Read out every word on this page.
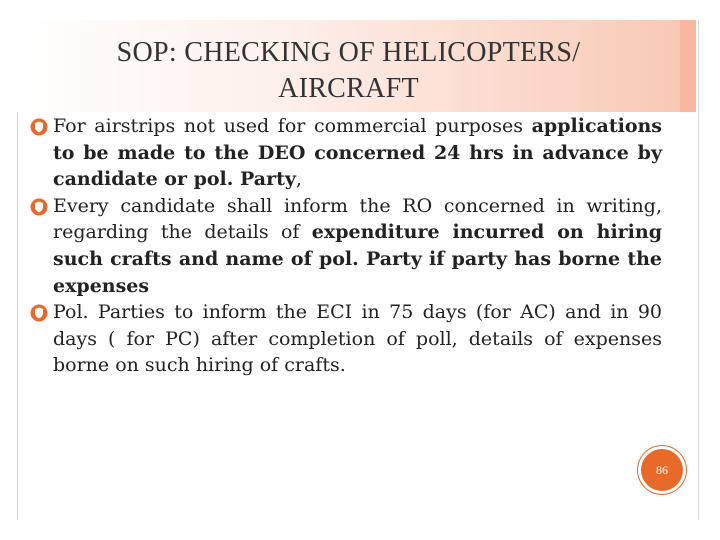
SOP: CHECKING OF HELICOPTERS/
AIRCRAFT
For airstrips not used for commercial purposes applications to be made to the DEO concerned 24 hrs in advance by candidate or pol. Party,
Every candidate shall inform the RO concerned in writing, regarding the details of expenditure incurred on hiring such crafts and name of pol. Party if party has borne the expenses
Pol. Parties to inform the ECI in 75 days (for AC) and in 90 days ( for PC) after completion of poll, details of expenses borne on such hiring of crafts.
86
